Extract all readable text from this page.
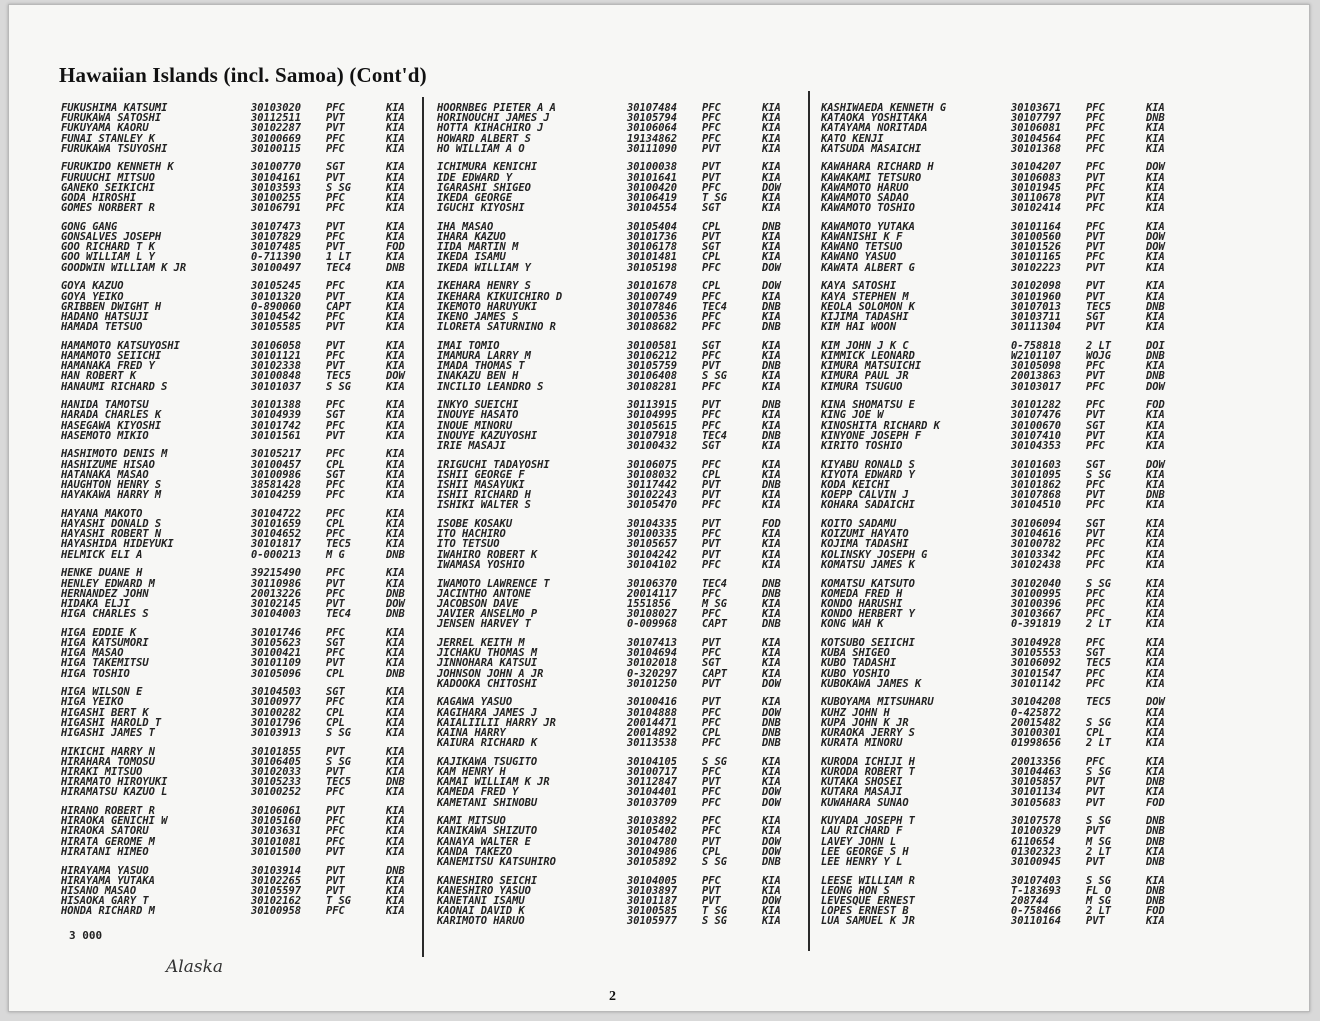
Hawaiian Islands (incl. Samoa) (Cont'd)
FUKUSHIMA KATSUMI	30103020 PFC	KIA
FURUKAWA SATOSHI	30112511 PVT	KIA
FUKUYAMA KAORU	30102287 PVT	KIA
FUNAI STANLEY K	30100669 PFC	KIA
FURUKAWA TSUYOSHI	30100115 PFC	KIA
FURUKIDO KENNETH K	30100770 SGT	KIA
FURUUCHI MITSUO	30104161 PVT	KIA
GANEKO SEIKICHI	30103593 S SG	KIA
GODA HIROSHI	30100255 PFC	KIA
GOMES NORBERT R	30106791 PFC	KIA
GONG GANG	30107473 PVT	KIA
GONSALVES JOSEPH	30107829 PFC	KIA
GOO RICHARD T K	30107485 PVT	FOD
GOO WILLIAM L Y	0-711390 1 LT	KIA
GOODWIN WILLIAM K JR	30100497 TEC4	DNB
GOYA KAZUO	30105245 PFC	KIA
GOYA YEIKO	30101320 PVT	KIA
GRIBBEN DWIGHT H	0-890060 CAPT	KIA
HADANO HATSUJI	30104542 PFC	KIA
HAMADA TETSUO	30105585 PVT	KIA
HAMAMOTO KATSUYOSHI	30106058 PVT	KIA
HAMAMOTO SEIICHI	30101121 PFC	KIA
HAMANAKA FRED Y	30102338 PVT	KIA
HAN ROBERT K	30100848 TEC5	DOW
HANAUMI RICHARD S	30101037 S SG	KIA
HANIDA TAMOTSU	30101388 PFC	KIA
HARADA CHARLES K	30104939 SGT	KIA
HASEGAWA KIYOSHI	30101742 PFC	KIA
HASEMOTO MIKIO	30101561 PVT	KIA
HASHIMOTO DENIS M	30105217 PFC	KIA
HASHIZUME HISAO	30100457 CPL	KIA
HATANAKA MASAO	30100986 SGT	KIA
HAUGHTON HENRY S	38581428 PFC	KIA
HAYAKAWA HARRY M	30104259 PFC	KIA
HAYANA MAKOTO	30104722 PFC	KIA
HAYASHI DONALD S	30101659 CPL	KIA
HAYASHI ROBERT N	30104652 PFC	KIA
HAYASHIDA HIDEYUKI	30101817 TEC5	KIA
HELMICK ELI A	0-000213 M G	DNB
HENKE DUANE H	39215490 PFC	KIA
HENLEY EDWARD M	30110986 PVT	KIA
HERNANDEZ JOHN	20013226 PFC	DNB
HIDAKA ELJI	30102145 PVT	DOW
HIGA CHARLES S	30104003 TEC4	DNB
HIGA EDDIE K	30101746 PFC	KIA
HIGA KATSUMORI	30105623 SGT	KIA
HIGA MASAO	30100421 PFC	KIA
HIGA TAKEMITSU	30101109 PVT	KIA
HIGA TOSHIO	30105096 CPL	DNB
HIGA WILSON E	30104503 SGT	KIA
HIGA YEIKO	30100977 PFC	KIA
HIGASHI BERT K	30100282 CPL	KIA
HIGASHI HAROLD T	30101796 CPL	KIA
HIGASHI JAMES T	30103913 S SG	KIA
HIKICHI HARRY N	30101855 PVT	KIA
HIRAHARA TOMOSU	30106405 S SG	KIA
HIRAKI MITSUO	30102033 PVT	KIA
HIRAMATO HIROYUKI	30105233 TEC5	DNB
HIRAMATSU KAZUO L	30100252 PFC	KIA
HIRANO ROBERT R	30106061 PVT	KIA
HIRAOKA GENICHI W	30105160 PFC	KIA
HIRAOKA SATORU	30103631 PFC	KIA
HIRATA GEROME M	30101081 PFC	KIA
HIRATANI HIMEO	30101500 PVT	KIA
HIRAYAMA YASUO	30103914 PVT	DNB
HIRAYAMA YUTAKA	30102265 PVT	KIA
HISANO MASAO	30105597 PVT	KIA
HISAOKA GARY T	30102162 T SG	KIA
HONDA RICHARD M	30100958 PFC	KIA
HOORNBEG PIETER A A	30107484 PFC	KIA
HORINOUCHI JAMES J	30105794 PFC	KIA
HOTTA KIHACHIRO J	30106064 PFC	KIA
HOWARD ALBERT S	19134862 PFC	KIA
HO WILLIAM A O	30111090 PVT	KIA
ICHIMURA KENICHI	30100038 PVT	KIA
IDE EDWARD Y	30101641 PVT	KIA
IGARASHI SHIGEO	30100420 PFC	DOW
IKEDA GEORGE	30106419 T SG	KIA
IGUCHI KIYOSHI	30104554 SGT	KIA
IHA MASAO	30105404 CPL	DNB
IHARA KAZUO	30101736 PVT	KIA
IIDA MARTIN M	30106178 SGT	KIA
IKEDA ISAMU	30101481 CPL	KIA
IKEDA WILLIAM Y	30105198 PFC	DOW
IKEHARA HENRY S	30101678 CPL	DOW
IKEHARA KIKUICHIRO D	30100749 PFC	KIA
IKEMOTO HARUYUKI	30107846 TEC4	DNB
IKENO JAMES S	30100536 PFC	KIA
ILORETA SATURNINO R	30108682 PFC	DNB
IMAI TOMIO	30100581 SGT	KIA
IMAMURA LARRY M	30106212 PFC	KIA
IMADA THOMAS T	30105759 PVT	DNB
INAKAZU BEN H	30106408 S SG	KIA
INCILIO LEANDRO S	30108281 PFC	KIA
INKYO SUEICHI	30113915 PVT	DNB
INOUYE HASATO	30104995 PFC	KIA
INOUE MINORU	30105615 PFC	KIA
INOUYE KAZUYOSHI	30107918 TEC4	DNB
IRIE MASAJI	30100432 SGT	KIA
IRIGUCHI TADAYOSHI	30106075 PFC	KIA
ISHII GEORGE F	30108032 CPL	KIA
ISHII MASAYUKI	30117442 PVT	DNB
ISHII RICHARD H	30102243 PVT	KIA
ISHIKI WALTER S	30105470 PFC	KIA
ISOBE KOSAKU	30104335 PVT	FOD
ITO HACHIRO	30100335 PFC	KIA
ITO TETSUO	30105657 PVT	KIA
IWAHIRO ROBERT K	30104242 PVT	KIA
IWAMASA YOSHIO	30104102 PFC	KIA
IWAMOTO LAWRENCE T	30106370 TEC4	DNB
JACINTHO ANTONE	20014117 PFC	DNB
JACOBSON DAVE	1551856	M SG	KIA
JAVIER ANSELMO P	30108027 PFC	KIA
JENSEN HARVEY T	0-009968 CAPT	DNB
JERREL KEITH M	30107413 PVT	KIA
JICHAKU THOMAS M	30104694 PFC	KIA
JINNOHARA KATSUI	30102018 SGT	KIA
JOHNSON JOHN A JR	0-320297 CAPT	KIA
KADOOKA CHITOSHI	30101250 PVT	DOW
KAGAWA YASUO	30100416 PVT	KIA
KAGIHARA JAMES J	30104888 PFC	DOW
KAIALIILII HARRY JR	20014471 PFC	DNB
KAINA HARRY	20014892 CPL	DNB
KAIURA RICHARD K	30113538 PFC	DNB
KAJIKAWA TSUGITO	30104105 S SG	KIA
KAM HENRY H	30100717 PFC	KIA
KAMAI WILLIAM K JR	30112847 PVT	KIA
KAMEDA FRED Y	30104401 PFC	DOW
KAMETANI SHINOBU	30103709 PFC	DOW
KAMI MITSUO	30103892 PFC	KIA
KANIKAWA SHIZUTO	30105402 PFC	KIA
KANAYA WALTER E	30104780 PVT	DOW
KANDA TAKEZO	30104986 CPL	DOW
KANEMITSU KATSUHIRO	30105892 S SG	DNB
KANESHIRO SEICHI	30104005 PFC	KIA
KANESHIRO YASUO	30103897 PVT	KIA
KANETANI ISAMU	30101187 PVT	DOW
KAONAI DAVID K	30100585 T SG	KIA
KARIMOTO HARUO	30105977 S SG	KIA
KASHIWAEDA KENNETH G	30103671 PFC	KIA
KATAOKA YOSHITAKA	30107797 PFC	DNB
KATAYAMA NORITADA	30106081 PFC	KIA
KATO KENJI	30104564 PFC	KIA
KATSUDA MASAICHI	30101368 PFC	KIA
KAWAHARA RICHARD H	30104207 PFC	DOW
KAWAKAMI TETSURO	30106083 PVT	KIA
KAWAMOTO HARUO	30101945 PFC	KIA
KAWAMOTO SADAO	30110678 PVT	KIA
KAWAMOTO TOSHIO	30102414 PFC	KIA
KAWAMOTO YUTAKA	30101164 PFC	KIA
KAWANISHI K F	30100560 PVT	DOW
KAWANO TETSUO	30101526 PVT	DOW
KAWANO YASUO	30101165 PFC	KIA
KAWATA ALBERT G	30102223 PVT	KIA
KAYA SATOSHI	30102098 PVT	KIA
KAYA STEPHEN M	30101960 PVT	KIA
KEOLA SOLOMON K	30107013 TEC5	DNB
KIJIMA TADASHI	30103711 SGT	KIA
KIM HAI WOON	30111304 PVT	KIA
KIM JOHN J K C	0-758818 2 LT	DOI
KIMMICK LEONARD	W2101107 WOJG	DNB
KIMURA MATSUICHI	30105098 PFC	KIA
KIMURA PAUL JR	20013863 PVT	DNB
KIMURA TSUGUO	30103017 PFC	DOW
KINA SHOMATSU E	30101282 PFC	FOD
KING JOE W	30107476 PVT	KIA
KINOSHITA RICHARD K	30100670 SGT	KIA
KINYONE JOSEPH F	30107410 PVT	KIA
KIRITO TOSHIO	30104353 PFC	KIA
KIYABU RONALD S	30101603 SGT	DOW
KIYOTA EDWARD Y	30101095 S SG	KIA
KODA KEICHI	30101862 PFC	KIA
KOEPP CALVIN J	30107868 PVT	DNB
KOHARA SADAICHI	30104510 PFC	KIA
KOITO SADAMU	30106094 SGT	KIA
KOIZUMI HAYATO	30104616 PVT	KIA
KOJIMA TADASHI	30100782 PFC	KIA
KOLINSKY JOSEPH G	30103342 PFC	KIA
KOMATSU JAMES K	30102438 PFC	KIA
KOMATSU KATSUTO	30102040 S SG	KIA
KOMEDA FRED H	30100995 PFC	KIA
KONDO HARUSHI	30100396 PFC	KIA
KONDO HERBERT Y	30103667 PFC	KIA
KONG WAH K	0-391819 2 LT	KIA
KOTSUBO SEIICHI	30104928 PFC	KIA
KUBA SHIGEO	30105553 SGT	KIA
KUBO TADASHI	30106092 TEC5	KIA
KUBO YOSHIO	30101547 PFC	KIA
KUBOKAWA JAMES K	30101142 PFC	KIA
KUBOYAMA MITSUHARU	30104208 TEC5	DOW
KUHZ JOHN H	0-425872	KIA
KUPA JOHN K JR	20015482 S SG	KIA
KURAOKA JERRY S	30100301 CPL	KIA
KURATA MINORU	01998656 2 LT	KIA
KURODA ICHIJI H	20013356 PFC	KIA
KURODA ROBERT T	30104463 S SG	KIA
KUTAKA SHOSEI	30105857 PVT	DNB
KUTARA MASAJI	30101134 PVT	KIA
KUWAHARA SUNAO	30105683 PVT	FOD
KUYADA JOSEPH T	30107578 S SG	DNB
LAU RICHARD F	10100329 PVT	DNB
LAVEY JOHN L	6110654	M SG	DNB
LEE GEORGE S H	01302323 2 LT	KIA
LEE HENRY Y L	30100945 PVT	DNB
LEESE WILLIAM R	30107403 S SG	KIA
LEONG HON S	T-183693 FL O	DNB
LEVESQUE ERNEST	208744	M SG	DNB
LOPES ERNEST B	0-758466 2 LT	FOD
LUA SAMUEL K JR	30110164 PVT	KIA
3 000
Alaska
2
